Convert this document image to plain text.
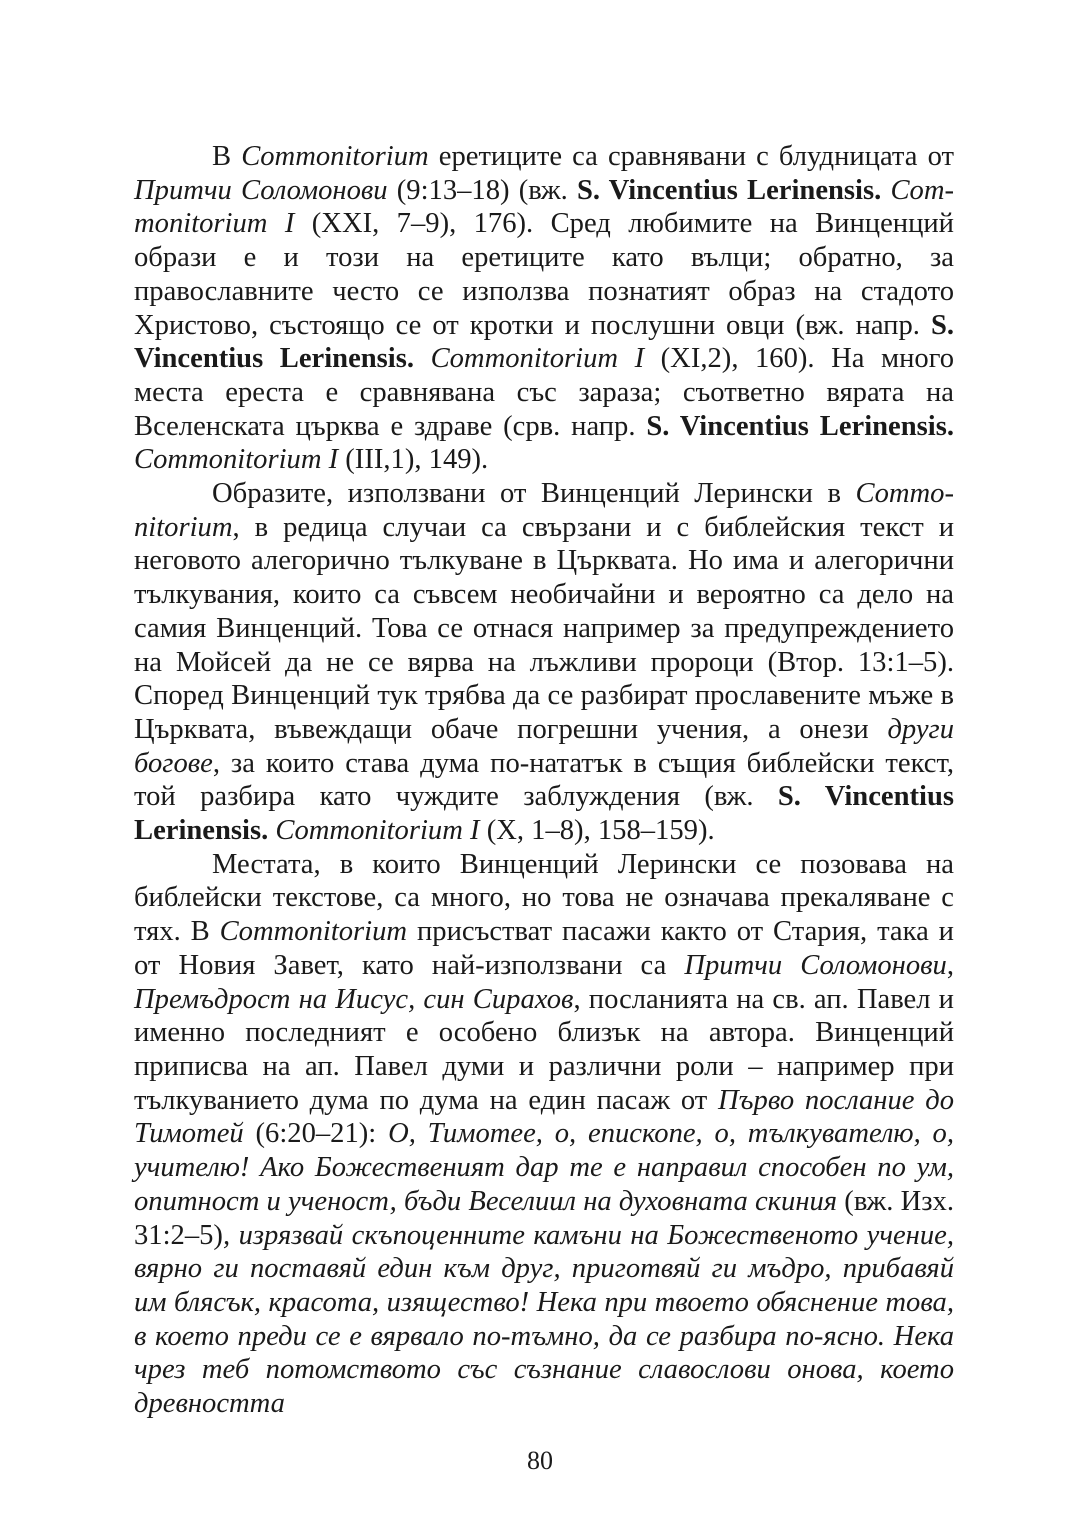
В Commonitorium еретиците са сравнявани с блудницата от Притчи Соломонови (9:13–18) (вж. S. Vincentius Lerinensis. Commonitorium I (XXI, 7–9), 176). Сред любимите на Винценций образи е и този на еретиците като вълци; обратно, за православните често се използва познатият образ на стадото Христово, състоящо се от кротки и послушни овци (вж. напр. S. Vincentius Lerinensis. Commonitorium I (XI,2), 160). На много места ереста е сравнявана със зараза; съответно вярата на Вселенската църква е здраве (срв. напр. S. Vincentius Lerinensis. Commonitorium I (III,1), 149).

Образите, използвани от Винценций Лерински в Commonitorium, в редица случаи са свързани и с библейския текст и неговото алегорично тълкуване в Църквата. Но има и алегорични тълкувания, които са съвсем необичайни и вероятно са дело на самия Винценций. Това се отнася например за предупреждението на Мойсей да не се вярва на лъжливи пророци (Втор. 13:1–5). Според Винценций тук трябва да се разбират прославените мъже в Църквата, въвеждащи обаче погрешни учения, а онези други богове, за които става дума по-нататък в същия библейски текст, той разбира като чуждите заблуждения (вж. S. Vincentius Lerinensis. Commonitorium I (X, 1–8), 158–159).

Местата, в които Винценций Лерински се позовава на библейски текстове, са много, но това не означава прекаляване с тях. В Commonitorium присъстват пасажи както от Стария, така и от Новия Завет, като най-използвани са Притчи Соломонови, Премъдрост на Иисус, син Сирахов, посланията на св. ап. Павел и именно последният е особено близък на автора. Винценций приписва на ап. Павел думи и различни роли – например при тълкуванието дума по дума на един пасаж от Първо послание до Тимотей (6:20–21): О, Тимотее, о, епископе, о, тълкувателю, о, учителю! Ако Божественият дар те е направил способен по ум, опитност и ученост, бъди Веселиил на духовната скиния (вж. Изх. 31:2–5), изрязвай скъпоценните камъни на Божественото учение, вярно ги поставяй един към друг, приготвяй ги мъдро, прибавяй им блясък, красота, изящество! Нека при твоето обяснение това, в което преди се е вярвало по-тъмно, да се разбира по-ясно. Нека чрез теб потомството със съзнание славослови онова, което древността

80
